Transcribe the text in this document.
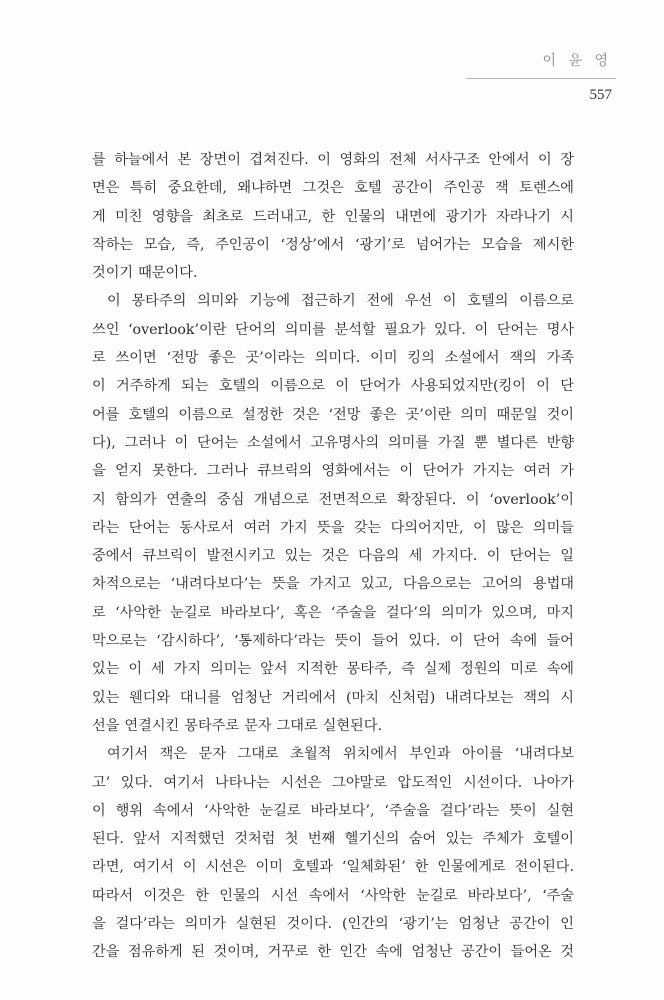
이 윤 영
557

를 하늘에서 본 장면이 겹쳐진다. 이 영화의 전체 서사구조 안에서 이 장

면은 특히 중요한데, 왜냐하면 그것은 호텔 공간이 주인공 잭 토렌스에

게 미친 영향을 최초로 드러내고, 한 인물의 내면에 광기가 자라나기 시

작하는 모습, 즉, 주인공이 ‘정상’에서 ‘광기’로 넘어가는 모습을 제시한

것이기 때문이다.

이 몽타주의 의미와 기능에 접근하기 전에 우선 이 호텔의 이름으로

쓰인 ‘overlook’이란 단어의 의미를 분석할 필요가 있다. 이 단어는 명사

로 쓰이면 ‘전망 좋은 곳’이라는 의미다. 이미 킹의 소설에서 잭의 가족

이 거주하게 되는 호텔의 이름으로 이 단어가 사용되었지만(킹이 이 단

어를 호텔의 이름으로 설정한 것은 ‘전망 좋은 곳’이란 의미 때문일 것이

다), 그러나 이 단어는 소설에서 고유명사의 의미를 가질 뿐 별다른 반향

을 얻지 못한다. 그러나 큐브릭의 영화에서는 이 단어가 가지는 여러 가

지 함의가 연출의 중심 개념으로 전면적으로 확장된다. 이 ‘overlook’이

라는 단어는 동사로서 여러 가지 뜻을 갖는 다의어지만, 이 많은 의미들

중에서 큐브릭이 발전시키고 있는 것은 다음의 세 가지다. 이 단어는 일

차적으로는 ‘내려다보다’는 뜻을 가지고 있고, 다음으로는 고어의 용법대

로 ‘사악한 눈길로 바라보다’, 혹은 ‘주술을 걸다’의 의미가 있으며, 마지

막으로는 ‘감시하다’, ‘통제하다’라는 뜻이 들어 있다. 이 단어 속에 들어

있는 이 세 가지 의미는 앞서 지적한 몽타주, 즉 실제 정원의 미로 속에

있는 웬디와 대니를 엄청난 거리에서 (마치 신처럼) 내려다보는 잭의 시

선을 연결시킨 몽타주로 문자 그대로 실현된다.

여기서 잭은 문자 그대로 초월적 위치에서 부인과 아이를 ‘내려다보

고’ 있다. 여기서 나타나는 시선은 그야말로 압도적인 시선이다. 나아가

이 행위 속에서 ‘사악한 눈길로 바라보다’, ‘주술을 걸다’라는 뜻이 실현

된다. 앞서 지적했던 것처럼 첫 번째 헬기신의 숨어 있는 주체가 호텔이

라면, 여기서 이 시선은 이미 호텔과 ‘일체화된’ 한 인물에게로 전이된다.

따라서 이것은 한 인물의 시선 속에서 ‘사악한 눈길로 바라보다’, ‘주술

을 걸다’라는 의미가 실현된 것이다. (인간의 ‘광기’는 엄청난 공간이 인

간을 점유하게 된 것이며, 거꾸로 한 인간 속에 엄청난 공간이 들어온 것
